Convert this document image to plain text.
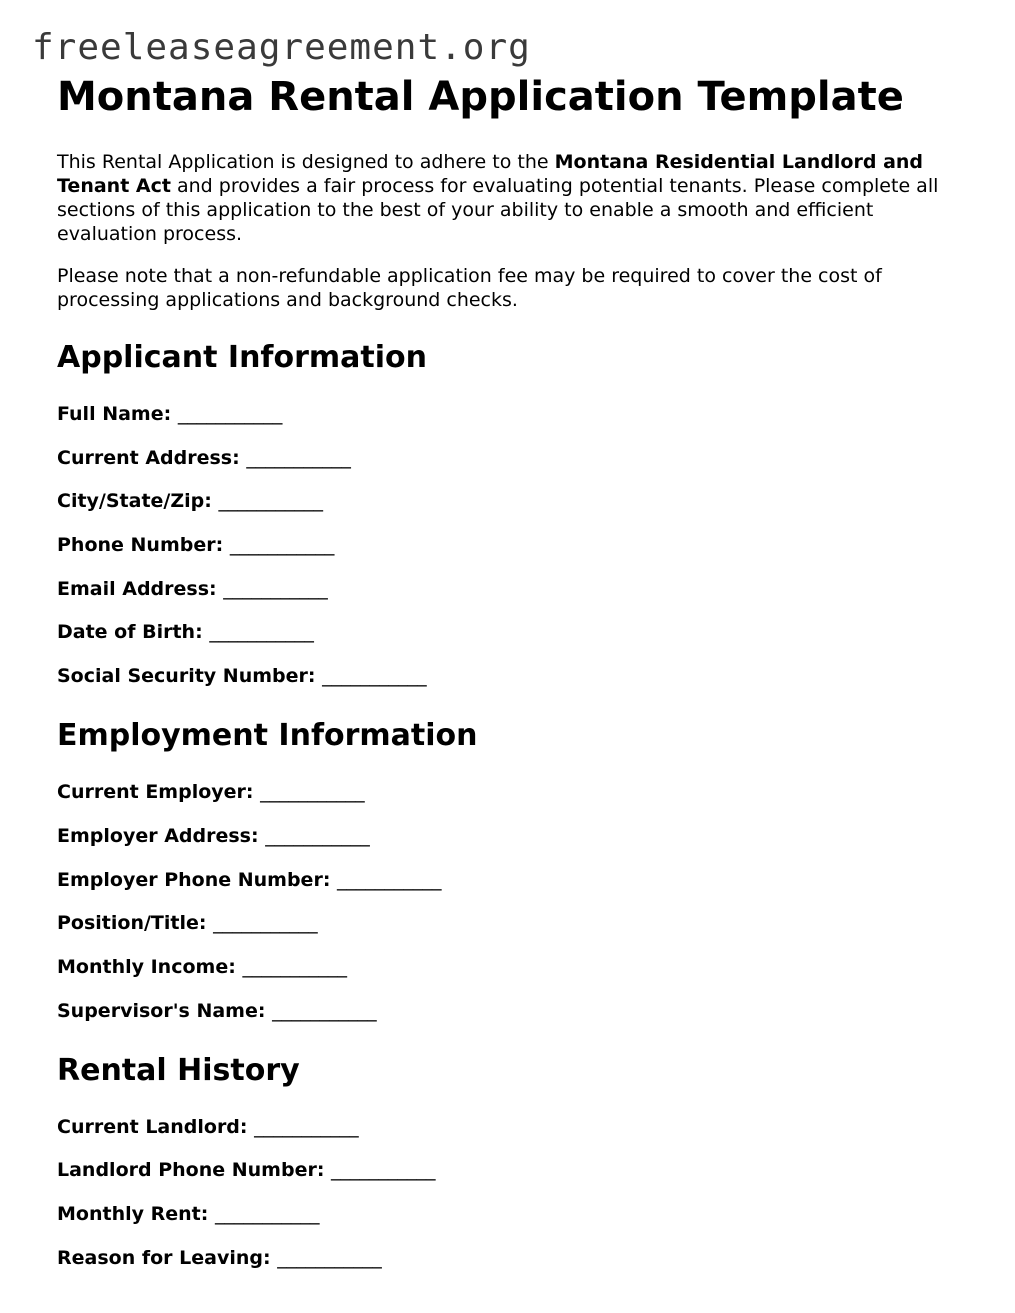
freeleaseagreement.org
Montana Rental Application Template

This Rental Application is designed to adhere to the Montana Residential Landlord and Tenant Act and provides a fair process for evaluating potential tenants. Please complete all sections of this application to the best of your ability to enable a smooth and efficient evaluation process.

Please note that a non-refundable application fee may be required to cover the cost of processing applications and background checks.

Applicant Information
Full Name: ___________
Current Address: ___________
City/State/Zip: ___________
Phone Number: ___________
Email Address: ___________
Date of Birth: ___________
Social Security Number: ___________
Employment Information
Current Employer: ___________
Employer Address: ___________
Employer Phone Number: ___________
Position/Title: ___________
Monthly Income: ___________
Supervisor's Name: ___________
Rental History
Current Landlord: ___________
Landlord Phone Number: ___________
Monthly Rent: ___________
Reason for Leaving: ___________
